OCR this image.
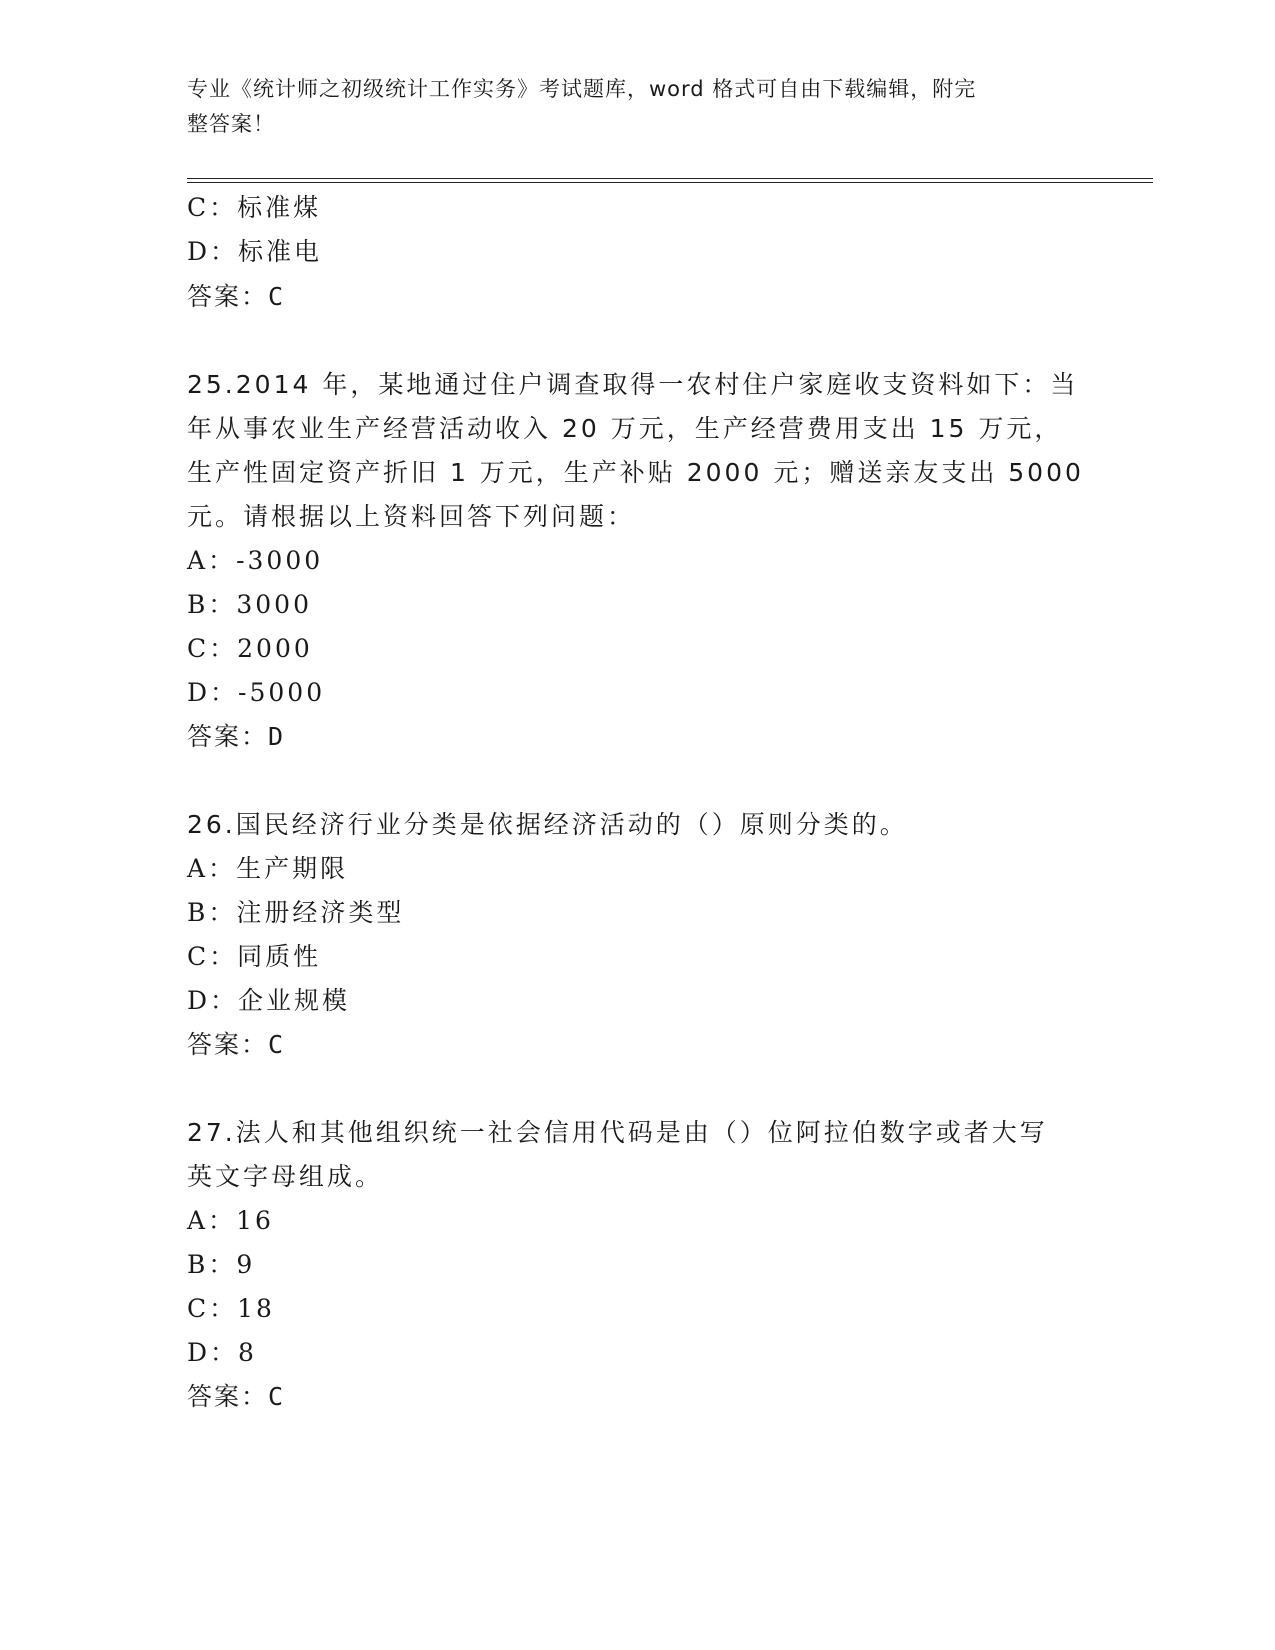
专业《统计师之初级统计工作实务》考试题库，word 格式可自由下载编辑，附完
整答案！
C：标准煤
D：标准电
答案：C
25.2014 年，某地通过住户调查取得一农村住户家庭收支资料如下：当
年从事农业生产经营活动收入 20 万元，生产经营费用支出 15 万元，
生产性固定资产折旧 1 万元，生产补贴 2000 元；赠送亲友支出 5000
元。请根据以上资料回答下列问题：
A：-3000
B：3000
C：2000
D：-5000
答案：D
26.国民经济行业分类是依据经济活动的（）原则分类的。
A：生产期限
B：注册经济类型
C：同质性
D：企业规模
答案：C
27.法人和其他组织统一社会信用代码是由（）位阿拉伯数字或者大写
英文字母组成。
A：16
B：9
C：18
D：8
答案：C
